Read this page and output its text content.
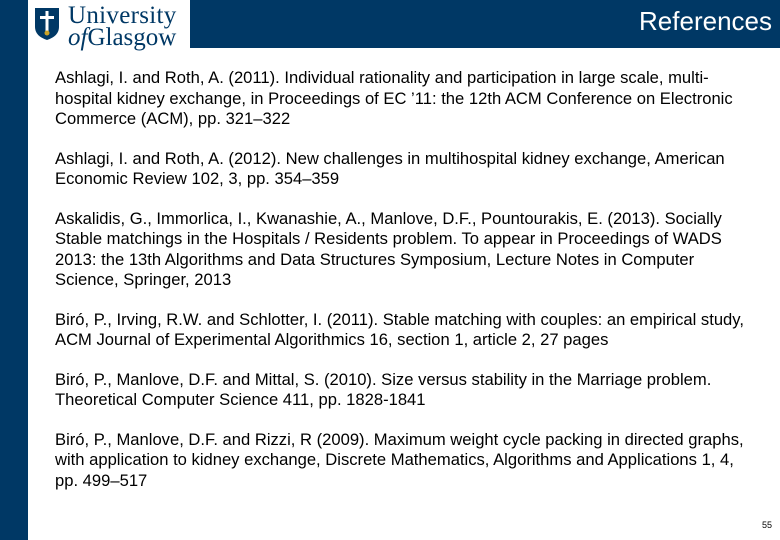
University
ofGlasgow
References

Ashlagi, I. and Roth, A. (2011). Individual rationality and participation in large scale, multi-hospital kidney exchange, in Proceedings of EC ’11: the 12th ACM Conference on Electronic Commerce (ACM), pp. 321–322

Ashlagi, I. and Roth, A. (2012). New challenges in multihospital kidney exchange, American Economic Review 102, 3, pp. 354–359

Askalidis, G., Immorlica, I., Kwanashie, A., Manlove, D.F., Pountourakis, E. (2013). Socially Stable matchings in the Hospitals / Residents problem. To appear in Proceedings of WADS 2013: the 13th Algorithms and Data Structures Symposium, Lecture Notes in Computer Science, Springer, 2013

Biró, P., Irving, R.W. and Schlotter, I. (2011). Stable matching with couples: an empirical study, ACM Journal of Experimental Algorithmics 16, section 1, article 2, 27 pages

Biró, P., Manlove, D.F. and Mittal, S. (2010). Size versus stability in the Marriage problem. Theoretical Computer Science 411, pp. 1828-1841

Biró, P., Manlove, D.F. and Rizzi, R (2009). Maximum weight cycle packing in directed graphs, with application to kidney exchange, Discrete Mathematics, Algorithms and Applications 1, 4, pp. 499–517

55
